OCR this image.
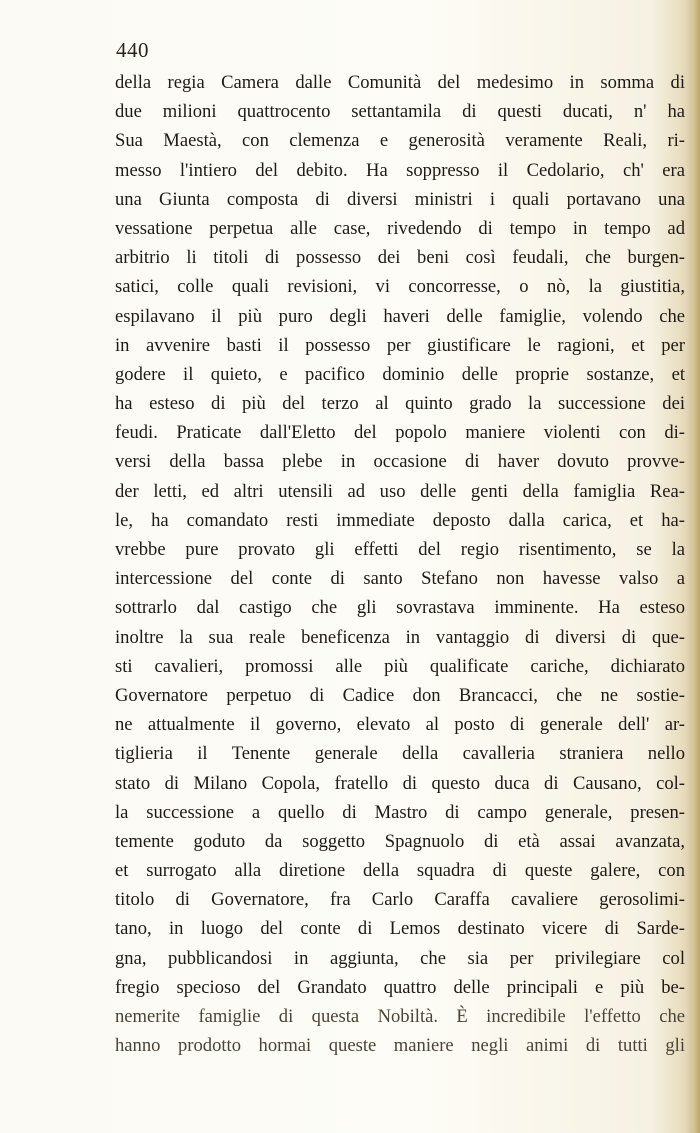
440
della regia Camera dalle Comunità del medesimo in somma di
due milioni quattrocento settantamila di questi ducati, n' ha
Sua Maestà, con clemenza e generosità veramente Reali, ri-
messo l'intiero del debito. Ha soppresso il Cedolario, ch' era
una Giunta composta di diversi ministri i quali portavano una
vessatione perpetua alle case, rivedendo di tempo in tempo ad
arbitrio li titoli di possesso dei beni così feudali, che burgen-
satici, colle quali revisioni, vi concorresse, o nò, la giustitia,
espilavano il più puro degli haveri delle famiglie, volendo che
in avvenire basti il possesso per giustificare le ragioni, et per
godere il quieto, e pacifico dominio delle proprie sostanze, et
ha esteso di più del terzo al quinto grado la successione dei
feudi. Praticate dall'Eletto del popolo maniere violenti con di-
versi della bassa plebe in occasione di haver dovuto provve-
der letti, ed altri utensili ad uso delle genti della famiglia Rea-
le, ha comandato resti immediate deposto dalla carica, et ha-
vrebbe pure provato gli effetti del regio risentimento, se la
intercessione del conte di santo Stefano non havesse valso a
sottrarlo dal castigo che gli sovrastava imminente. Ha esteso
inoltre la sua reale beneficenza in vantaggio di diversi di que-
sti cavalieri, promossi alle più qualificate cariche, dichiarato
Governatore perpetuo di Cadice don Brancacci, che ne sostie-
ne attualmente il governo, elevato al posto di generale dell' ar-
tiglieria il Tenente generale della cavalleria straniera nello
stato di Milano Copola, fratello di questo duca di Causano, col-
la successione a quello di Mastro di campo generale, presen-
temente goduto da soggetto Spagnuolo di età assai avanzata,
et surrogato alla diretione della squadra di queste galere, con
titolo di Governatore, fra Carlo Caraffa cavaliere gerosolimi-
tano, in luogo del conte di Lemos destinato vicere di Sarde-
gna, pubblicandosi in aggiunta, che sia per privilegiare col
fregio specioso del Grandato quattro delle principali e più be-
nemerite famiglie di questa Nobiltà. È incredibile l'effetto che
hanno prodotto hormai queste maniere negli animi di tutti gli
